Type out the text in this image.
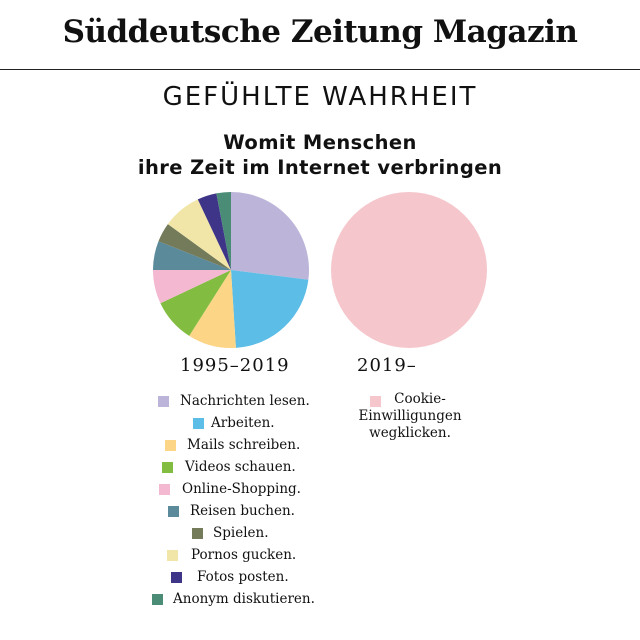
Süddeutsche Zeitung Magazin
GEFÜHLTE WAHRHEIT
Womit Menschen
ihre Zeit im Internet verbringen
1995–2019	2019–
Nachrichten lesen.
Arbeiten.
Mails schreiben.
Videos schauen.
Online-Shopping.
Reisen buchen.
Spielen.
Pornos gucken.
Fotos posten.
Anonym diskutieren.
Cookie-
Einwilligungen
wegklicken.
